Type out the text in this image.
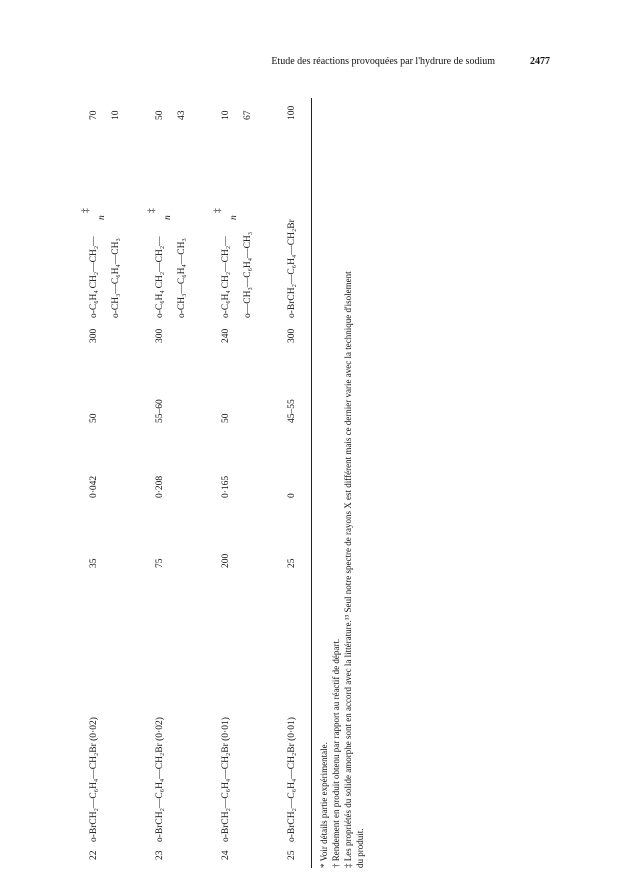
Etude des réactions provoquées par l'hydrure de sodium	2477
22
o-BrCH₂—C₆H₄—CH₂Br (0·02)
35
0·042
50
300
o-C₆H₄ CH₂—CH₂—
‡
n
o-CH₃—C₆H₄—CH₃
70 10
23
o-BrCH₂—C₆H₄—CH₂Br (0·02)
75
0·208
55–60
300
o-C₆H₄ CH₂—CH₂—
‡
n
o-CH₃—C₆H₄—CH₃
50 43
24
o-BrCH₂—C₆H₄—CH₂Br (0·01)
200
0·165
50
240
o-C₆H₄ CH₂—CH₂—
‡
n
o—CH₃—C₆H₄—CH₃
10 67
25
o-BrCH₂—C₆H₄—CH₂Br (0·01)
25
0
45–55
300
o-BrCH₂—C₆H₄—CH₂Br
100
* Voir détails partie expérimentale. † Rendement en produit obtenu par rapport au réactif de départ. ‡ Les propriétés du solide amorphe sont en accord avec la littérature.¹³ Seul notre spectre de rayons X est différent mais ce dernier varie avec la technique d'isolement du produit.
